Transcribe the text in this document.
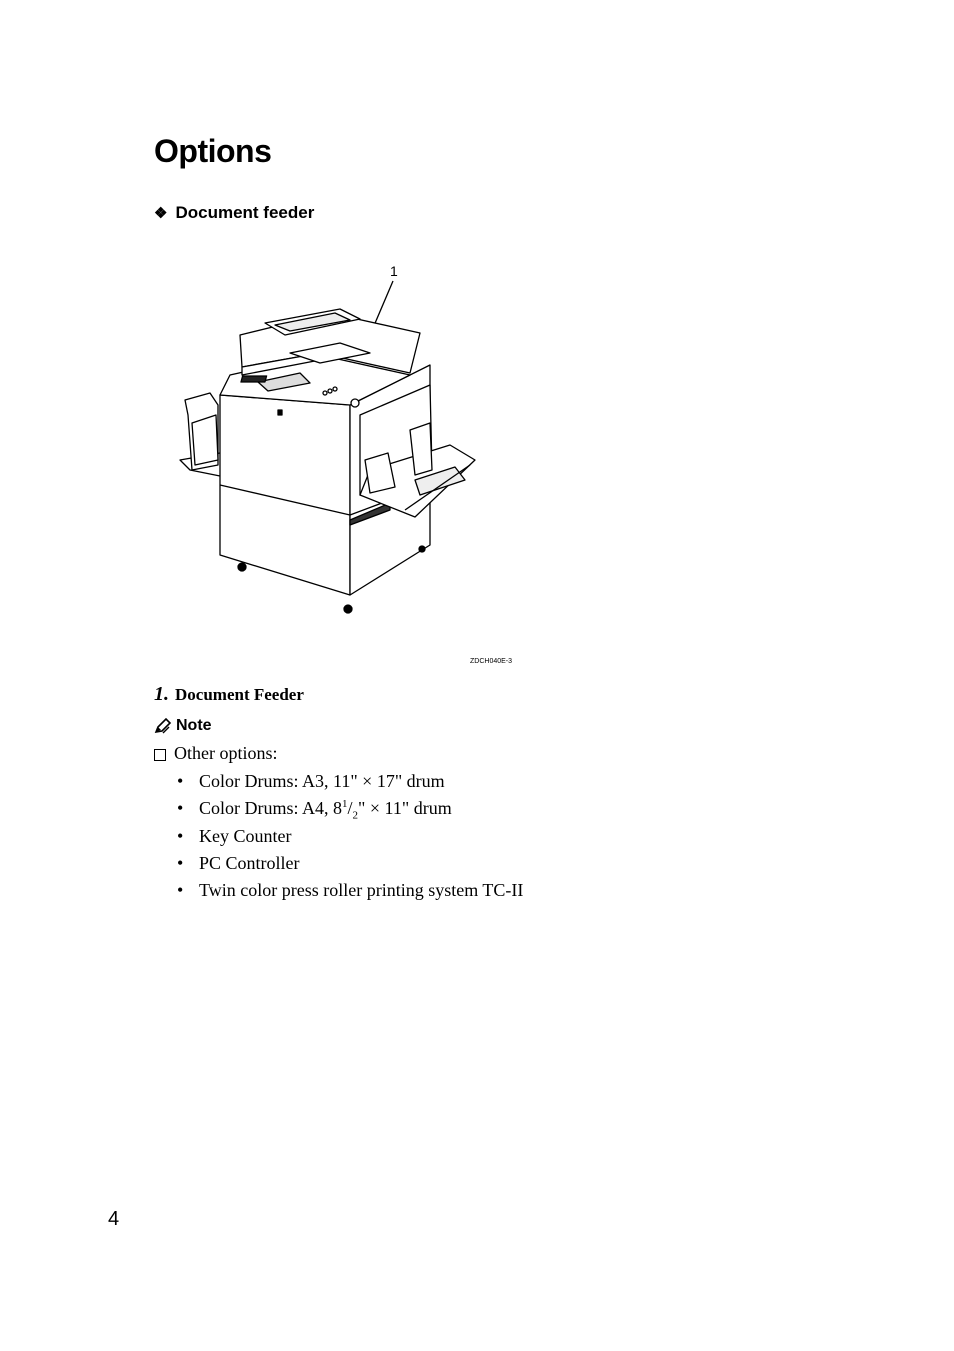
Options
❖ Document feeder
1
ZDCH040E-3
1. Document Feeder
Note
Other options:
• Color Drums: A3, 11" × 17" drum
• Color Drums: A4, $8^1/_2$" × 11" drum
• Key Counter
• PC Controller
• Twin color press roller printing system TC-II
4
